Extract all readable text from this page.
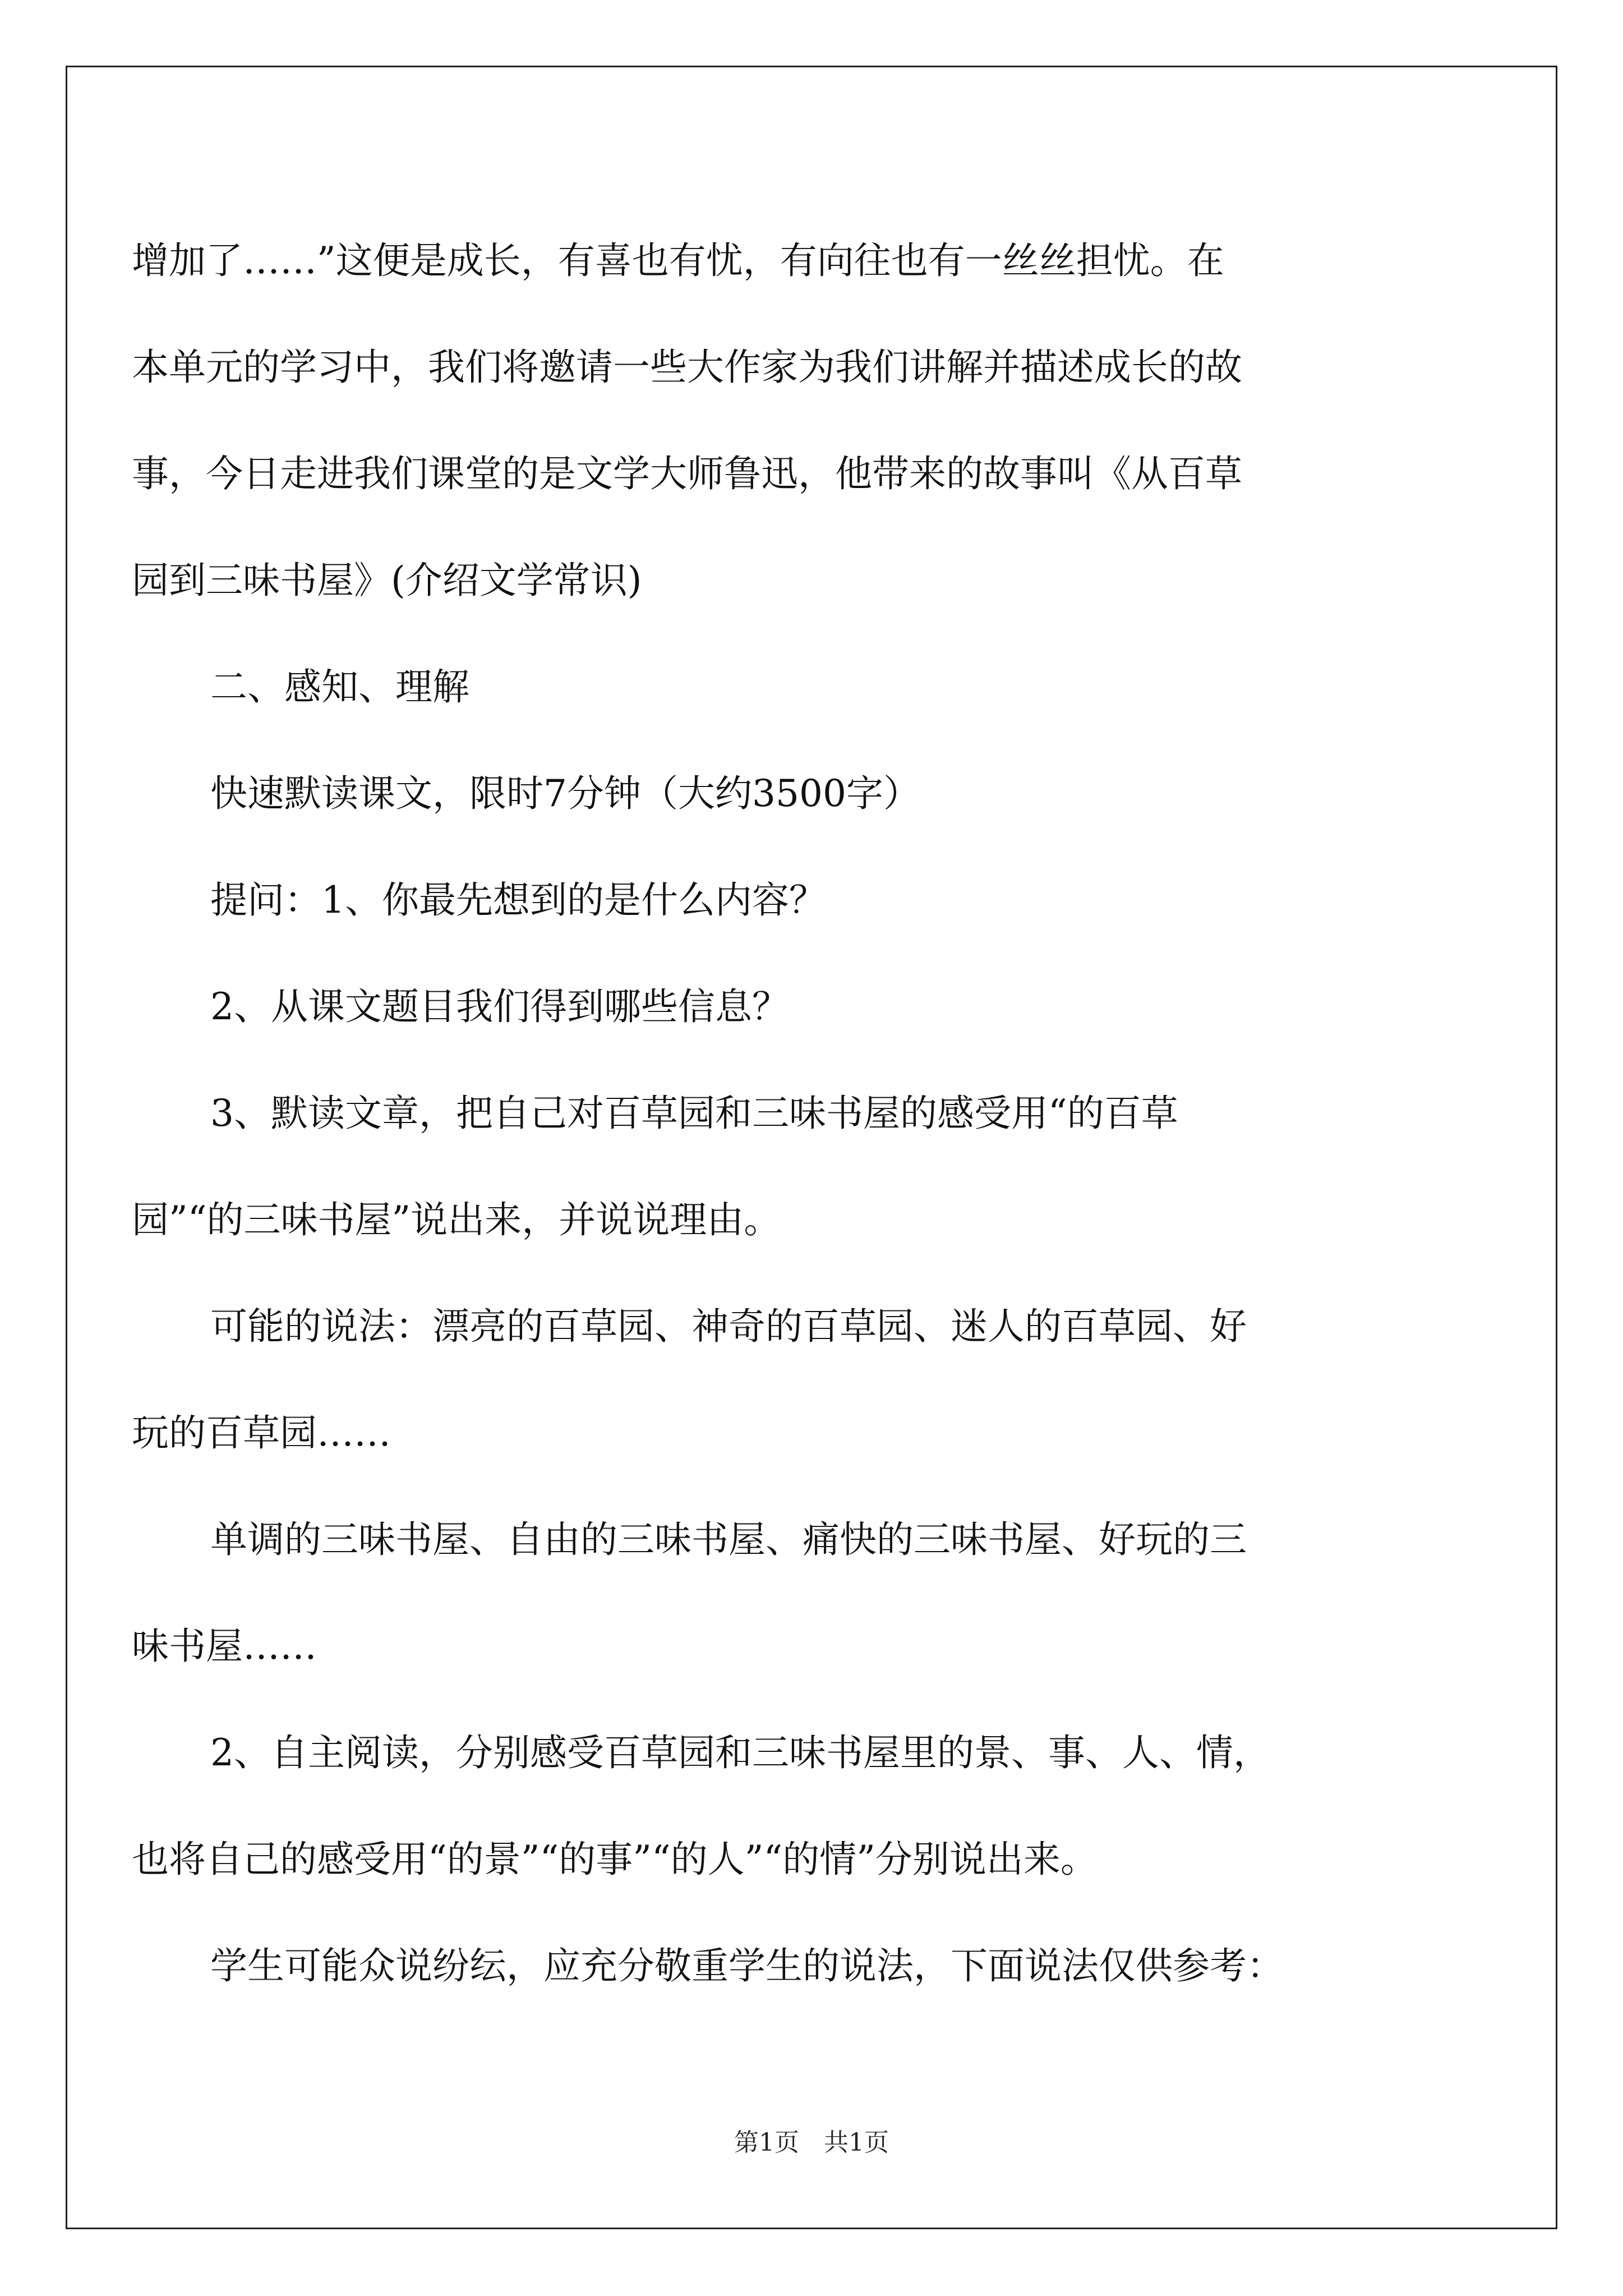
增加了……”这便是成长，有喜也有忧，有向往也有一丝丝担忧。在

本单元的学习中，我们将邀请一些大作家为我们讲解并描述成长的故

事，今日走进我们课堂的是文学大师鲁迅，他带来的故事叫《从百草

园到三味书屋》(介绍文学常识)

二、感知、理解

快速默读课文，限时7分钟（大约3500字）

提问：1、你最先想到的是什么内容？

2、从课文题目我们得到哪些信息？

3、默读文章，把自己对百草园和三味书屋的感受用“的百草

园”“的三味书屋”说出来，并说说理由。

可能的说法：漂亮的百草园、神奇的百草园、迷人的百草园、好

玩的百草园……

单调的三味书屋、自由的三味书屋、痛快的三味书屋、好玩的三

味书屋……

2、自主阅读，分别感受百草园和三味书屋里的景、事、人、情，

也将自己的感受用“的景”“的事”“的人”“的情”分别说出来。

学生可能众说纷纭，应充分敬重学生的说法，下面说法仅供参考：

第1页　共1页
